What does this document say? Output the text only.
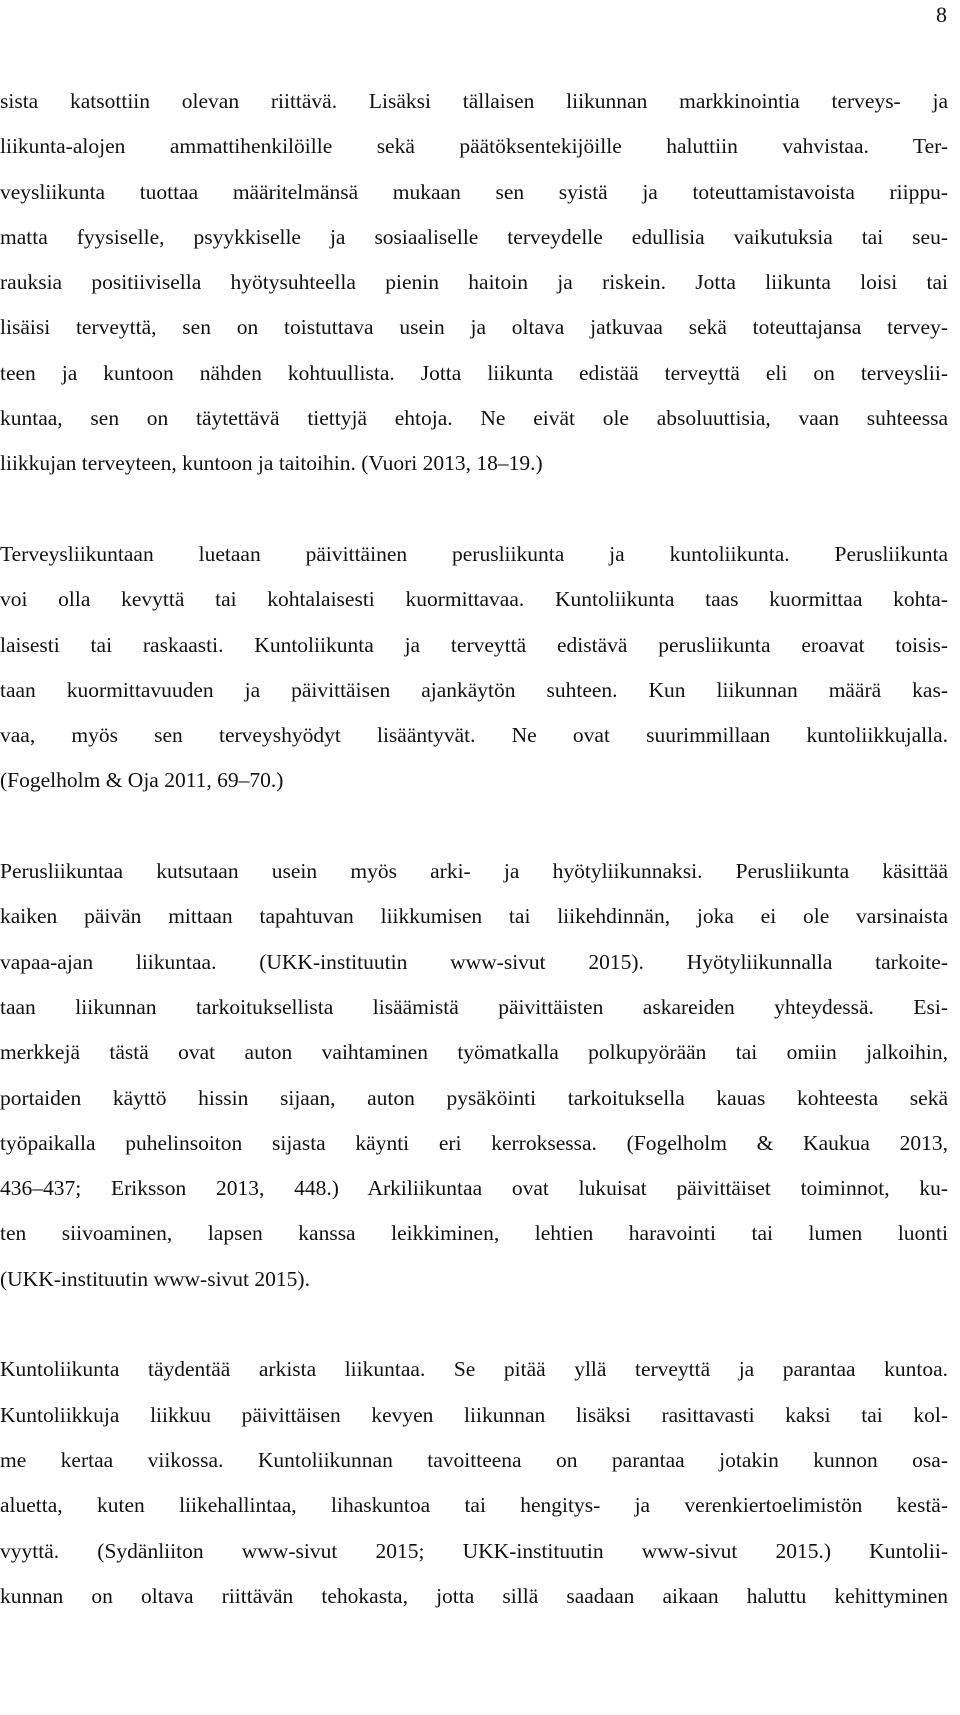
8
sista katsottiin olevan riittävä. Lisäksi tällaisen liikunnan markkinointia terveys- ja
liikunta-alojen ammattihenkilöille sekä päätöksentekijöille haluttiin vahvistaa. Ter-
veysliikunta tuottaa määritelmänsä mukaan sen syistä ja toteuttamistavoista riippu-
matta fyysiselle, psyykkiselle ja sosiaaliselle terveydelle edullisia vaikutuksia tai seu-
rauksia positiivisella hyötysuhteella pienin haitoin ja riskein. Jotta liikunta loisi tai
lisäisi terveyttä, sen on toistuttava usein ja oltava jatkuvaa sekä toteuttajansa tervey-
teen ja kuntoon nähden kohtuullista. Jotta liikunta edistää terveyttä eli on terveyslii-
kuntaa, sen on täytettävä tiettyjä ehtoja. Ne eivät ole absoluuttisia, vaan suhteessa
liikkujan terveyteen, kuntoon ja taitoihin. (Vuori 2013, 18–19.)
Terveysliikuntaan luetaan päivittäinen perusliikunta ja kuntoliikunta. Perusliikunta
voi olla kevyttä tai kohtalaisesti kuormittavaa. Kuntoliikunta taas kuormittaa kohta-
laisesti tai raskaasti. Kuntoliikunta ja terveyttä edistävä perusliikunta eroavat toisis-
taan kuormittavuuden ja päivittäisen ajankäytön suhteen. Kun liikunnan määrä kas-
vaa, myös sen terveyshyödyt lisääntyvät. Ne ovat suurimmillaan kuntoliikkujalla.
(Fogelholm & Oja 2011, 69–70.)
Perusliikuntaa kutsutaan usein myös arki- ja hyötyliikunnaksi. Perusliikunta käsittää
kaiken päivän mittaan tapahtuvan liikkumisen tai liikehdinnän, joka ei ole varsinaista
vapaa-ajan liikuntaa. (UKK-instituutin www-sivut 2015). Hyötyliikunnalla tarkoite-
taan liikunnan tarkoituksellista lisäämistä päivittäisten askareiden yhteydessä. Esi-
merkkejä tästä ovat auton vaihtaminen työmatkalla polkupyörään tai omiin jalkoihin,
portaiden käyttö hissin sijaan, auton pysäköinti tarkoituksella kauas kohteesta sekä
työpaikalla puhelinsoiton sijasta käynti eri kerroksessa. (Fogelholm & Kaukua 2013,
436–437; Eriksson 2013, 448.) Arkiliikuntaa ovat lukuisat päivittäiset toiminnot, ku-
ten siivoaminen, lapsen kanssa leikkiminen, lehtien haravointi tai lumen luonti
(UKK-instituutin www-sivut 2015).
Kuntoliikunta täydentää arkista liikuntaa. Se pitää yllä terveyttä ja parantaa kuntoa.
Kuntoliikkuja liikkuu päivittäisen kevyen liikunnan lisäksi rasittavasti kaksi tai kol-
me kertaa viikossa. Kuntoliikunnan tavoitteena on parantaa jotakin kunnon osa-
aluetta, kuten liikehallintaa, lihaskuntoa tai hengitys- ja verenkiertoelimistön kestä-
vyyttä. (Sydänliiton www-sivut 2015; UKK-instituutin www-sivut 2015.) Kuntolii-
kunnan on oltava riittävän tehokasta, jotta sillä saadaan aikaan haluttu kehittyminen
